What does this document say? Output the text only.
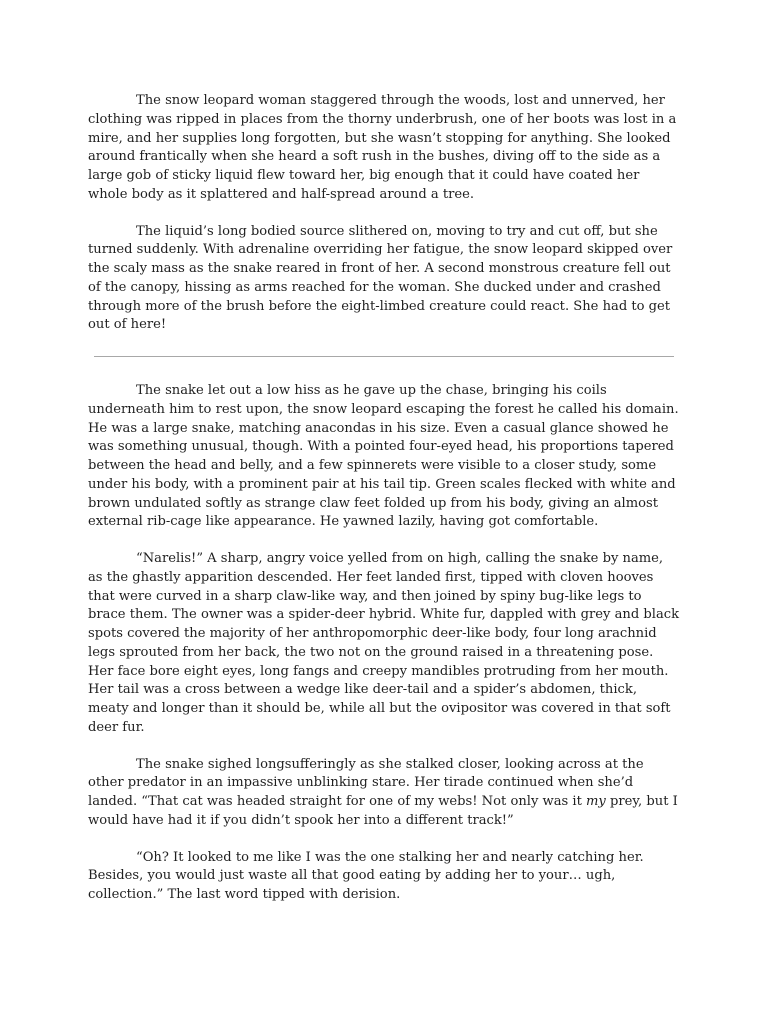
The snow leopard woman staggered through the woods, lost and unnerved, her clothing was ripped in places from the thorny underbrush, one of her boots was lost in a mire, and her supplies long forgotten, but she wasn’t stopping for anything. She looked around frantically when she heard a soft rush in the bushes, diving off to the side as a large gob of sticky liquid flew toward her, big enough that it could have coated her whole body as it splattered and half-spread around a tree.

The liquid’s long bodied source slithered on, moving to try and cut off, but she turned suddenly. With adrenaline overriding her fatigue, the snow leopard skipped over the scaly mass as the snake reared in front of her. A second monstrous creature fell out of the canopy, hissing as arms reached for the woman. She ducked under and crashed through more of the brush before the eight-limbed creature could react. She had to get out of here!

The snake let out a low hiss as he gave up the chase, bringing his coils underneath him to rest upon, the snow leopard escaping the forest he called his domain. He was a large snake, matching anacondas in his size. Even a casual glance showed he was something unusual, though. With a pointed four-eyed head, his proportions tapered between the head and belly, and a few spinnerets were visible to a closer study, some under his body, with a prominent pair at his tail tip. Green scales flecked with white and brown undulated softly as strange claw feet folded up from his body, giving an almost external rib-cage like appearance. He yawned lazily, having got comfortable.

“Narelis!” A sharp, angry voice yelled from on high, calling the snake by name, as the ghastly apparition descended. Her feet landed first, tipped with cloven hooves that were curved in a sharp claw-like way, and then joined by spiny bug-like legs to brace them. The owner was a spider-deer hybrid. White fur, dappled with grey and black spots covered the majority of her anthropomorphic deer-like body, four long arachnid legs sprouted from her back, the two not on the ground raised in a threatening pose. Her face bore eight eyes, long fangs and creepy mandibles protruding from her mouth. Her tail was a cross between a wedge like deer-tail and a spider’s abdomen, thick, meaty and longer than it should be, while all but the ovipositor was covered in that soft deer fur.

The snake sighed longsufferingly as she stalked closer, looking across at the other predator in an impassive unblinking stare. Her tirade continued when she’d landed. “That cat was headed straight for one of my webs! Not only was it my prey, but I would have had it if you didn’t spook her into a different track!”

“Oh? It looked to me like I was the one stalking her and nearly catching her. Besides, you would just waste all that good eating by adding her to your… ugh, collection.” The last word tipped with derision.
